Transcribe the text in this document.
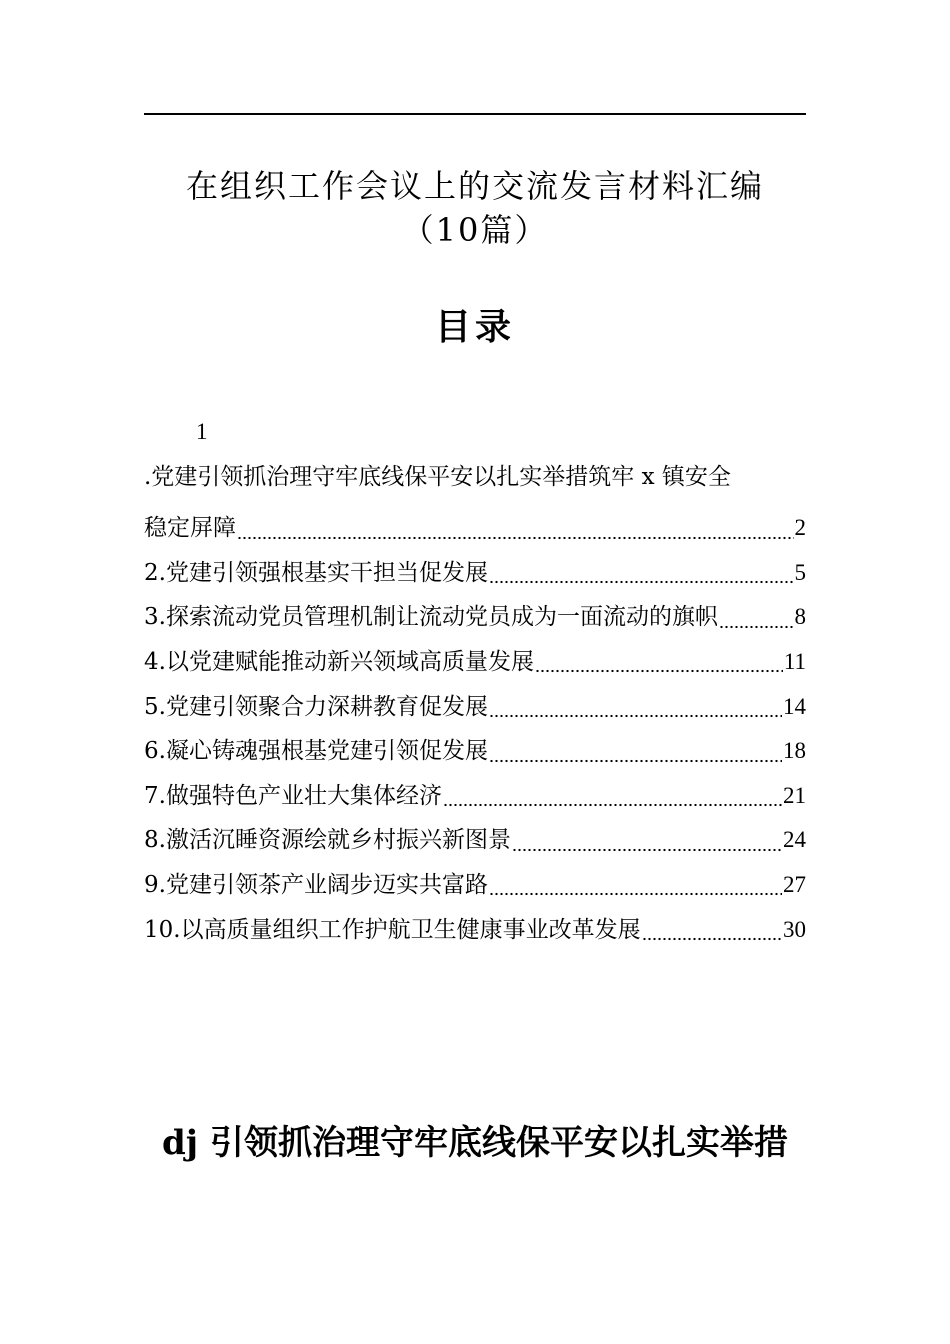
在组织工作会议上的交流发言材料汇编
（10篇）
目录
1
.党建引领抓治理守牢底线保平安以扎实举措筑牢 x 镇安全
稳定屏障	2
2.党建引领强根基实干担当促发展	5
3.探索流动党员管理机制让流动党员成为一面流动的旗帜	8
4.以党建赋能推动新兴领域高质量发展	11
5.党建引领聚合力深耕教育促发展	14
6.凝心铸魂强根基党建引领促发展	18
7.做强特色产业壮大集体经济	21
8.激活沉睡资源绘就乡村振兴新图景	24
9.党建引领茶产业阔步迈实共富路	27
10.以高质量组织工作护航卫生健康事业改革发展	30
dj 引领抓治理守牢底线保平安以扎实举措
